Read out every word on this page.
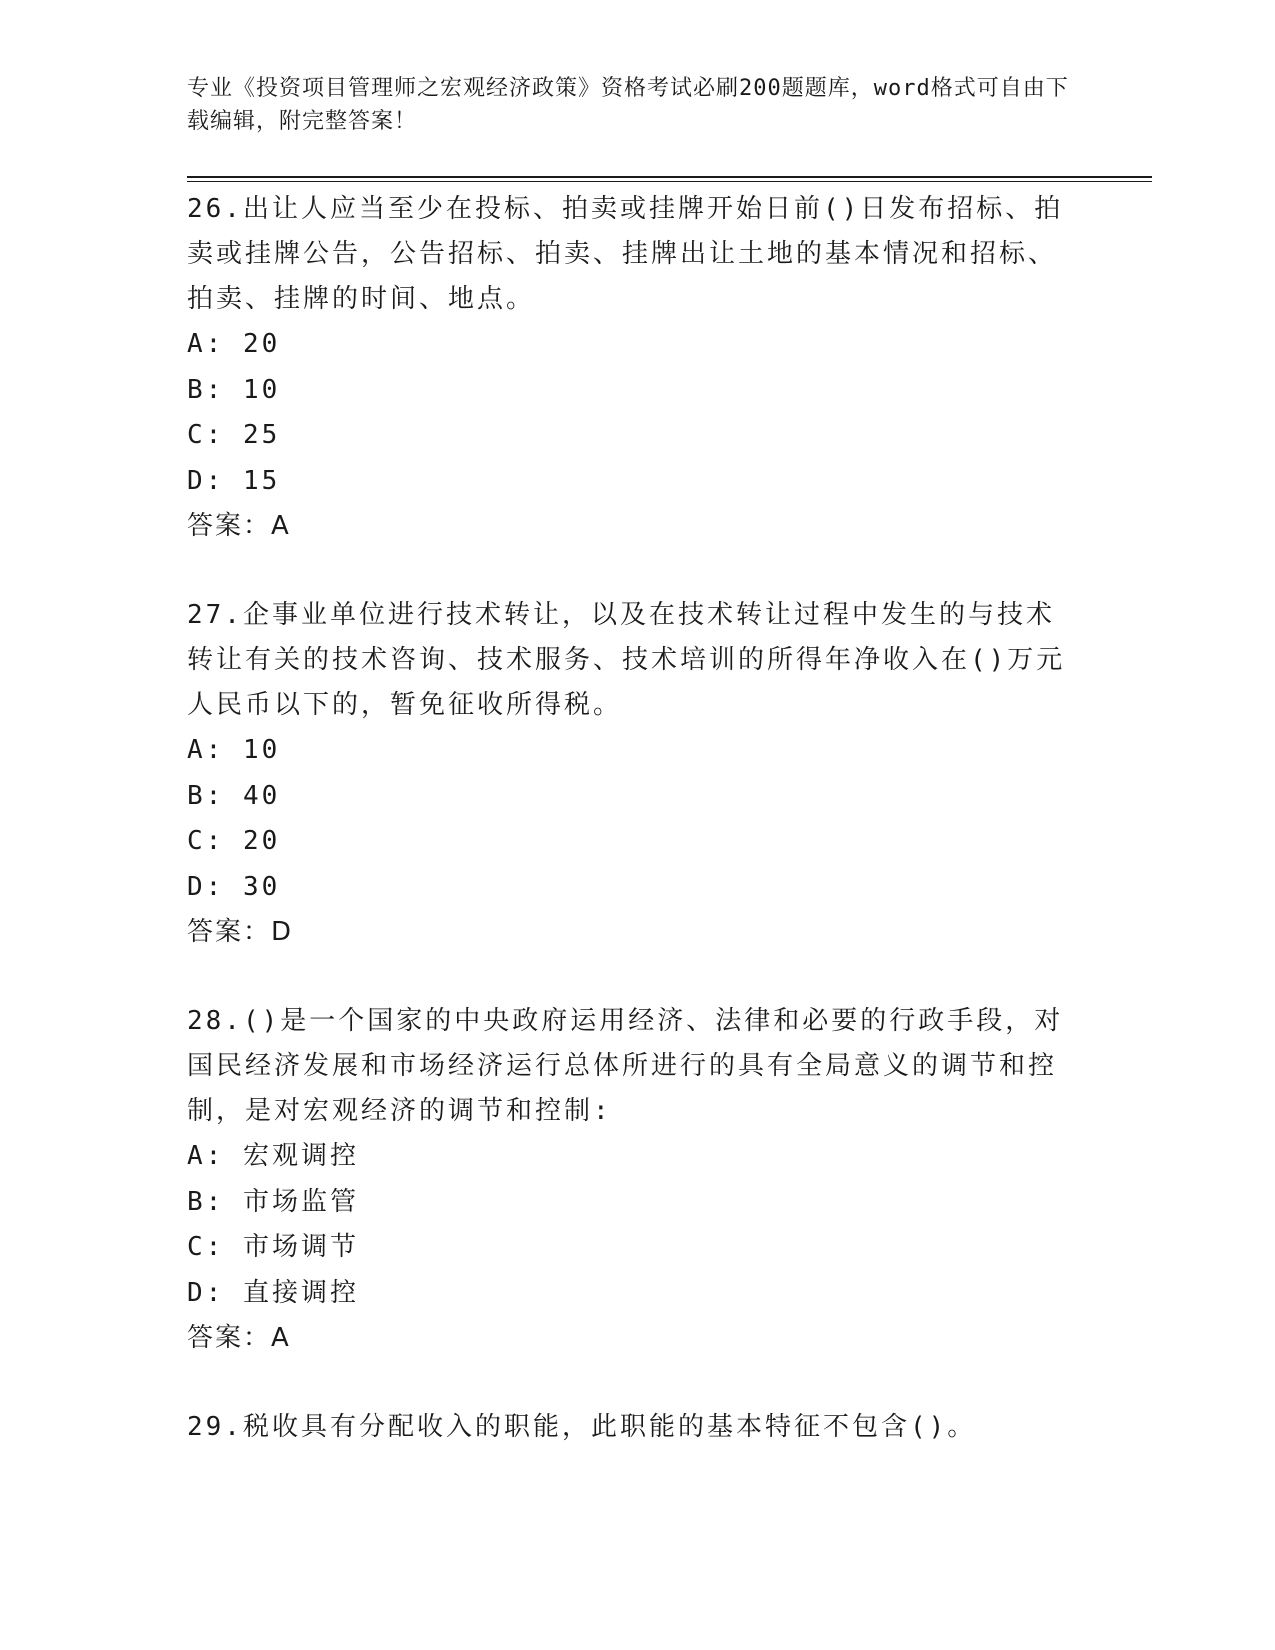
专业《投资项目管理师之宏观经济政策》资格考试必刷200题题库，word格式可自由下载编辑，附完整答案！
26.出让人应当至少在投标、拍卖或挂牌开始日前()日发布招标、拍卖或挂牌公告，公告招标、拍卖、挂牌出让土地的基本情况和招标、拍卖、挂牌的时间、地点。
A: 20
B: 10
C: 25
D: 15
答案：A
27.企事业单位进行技术转让，以及在技术转让过程中发生的与技术转让有关的技术咨询、技术服务、技术培训的所得年净收入在()万元人民币以下的，暂免征收所得税。
A: 10
B: 40
C: 20
D: 30
答案：D
28.()是一个国家的中央政府运用经济、法律和必要的行政手段，对国民经济发展和市场经济运行总体所进行的具有全局意义的调节和控制，是对宏观经济的调节和控制:
A: 宏观调控
B: 市场监管
C: 市场调节
D: 直接调控
答案：A
29.税收具有分配收入的职能，此职能的基本特征不包含()。
